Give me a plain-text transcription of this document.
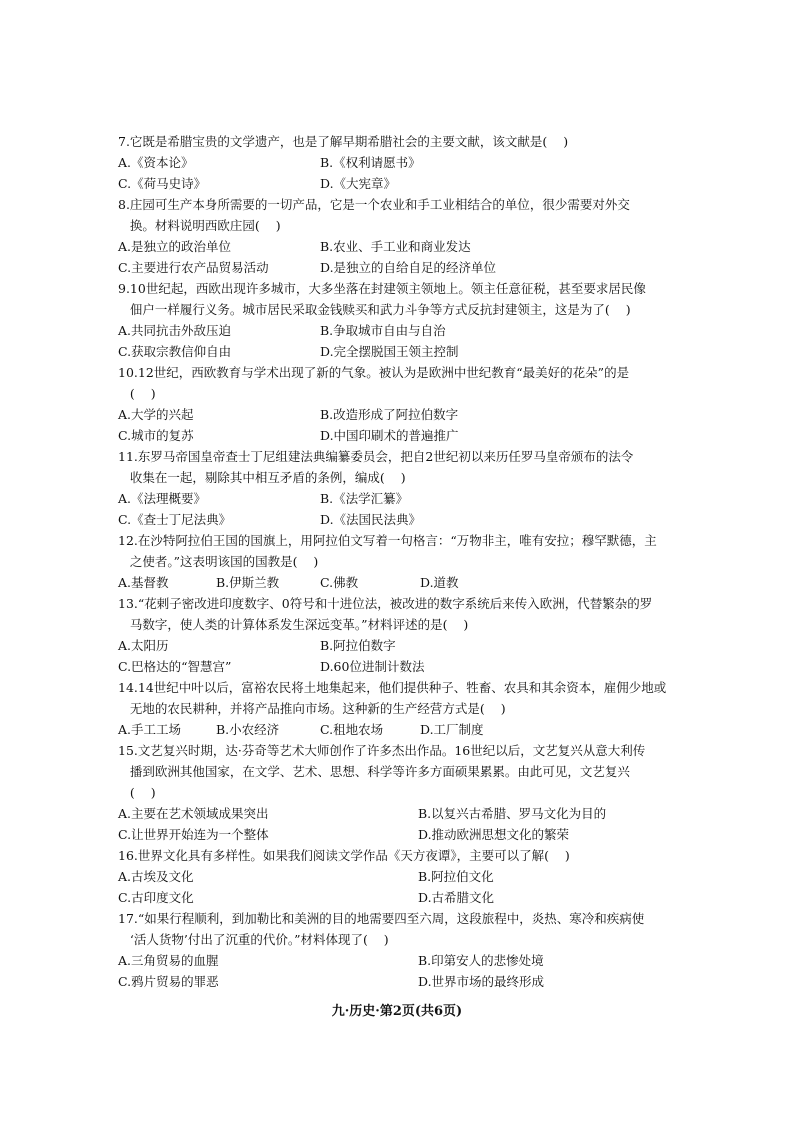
7.它既是希腊宝贵的文学遗产，也是了解早期希腊社会的主要文献，该文献是(    )
A.《资本论》	B.《权利请愿书》
C.《荷马史诗》	D.《大宪章》
8.庄园可生产本身所需要的一切产品，它是一个农业和手工业相结合的单位，很少需要对外交
换。材料说明西欧庄园(    )
A.是独立的政治单位	B.农业、手工业和商业发达
C.主要进行农产品贸易活动	D.是独立的自给自足的经济单位
9.10世纪起，西欧出现许多城市，大多坐落在封建领主领地上。领主任意征税，甚至要求居民像
佃户一样履行义务。城市居民采取金钱赎买和武力斗争等方式反抗封建领主，这是为了(    )
A.共同抗击外敌压迫	B.争取城市自由与自治
C.获取宗教信仰自由	D.完全摆脱国王领主控制
10.12世纪，西欧教育与学术出现了新的气象。被认为是欧洲中世纪教育“最美好的花朵”的是
(    )
A.大学的兴起	B.改造形成了阿拉伯数字
C.城市的复苏	D.中国印刷术的普遍推广
11.东罗马帝国皇帝查士丁尼组建法典编纂委员会，把自2世纪初以来历任罗马皇帝颁布的法令
收集在一起，剔除其中相互矛盾的条例，编成(    )
A.《法理概要》	B.《法学汇纂》
C.《查士丁尼法典》	D.《法国民法典》
12.在沙特阿拉伯王国的国旗上，用阿拉伯文写着一句格言：“万物非主，唯有安拉；穆罕默德，主
之使者。”这表明该国的国教是(    )
A.基督教	B.伊斯兰教	C.佛教	D.道教
13.“花剌子密改进印度数字、0符号和十进位法，被改进的数字系统后来传入欧洲，代替繁杂的罗
马数字，使人类的计算体系发生深远变革。”材料评述的是(    )
A.太阳历	B.阿拉伯数字
C.巴格达的“智慧宫”	D.60位进制计数法
14.14世纪中叶以后，富裕农民将土地集起来，他们提供种子、牲畜、农具和其余资本，雇佣少地或
无地的农民耕种，并将产品推向市场。这种新的生产经营方式是(    )
A.手工工场	B.小农经济	C.租地农场	D.工厂制度
15.文艺复兴时期，达·芬奇等艺术大师创作了许多杰出作品。16世纪以后，文艺复兴从意大利传
播到欧洲其他国家，在文学、艺术、思想、科学等许多方面硕果累累。由此可见，文艺复兴
(    )
A.主要在艺术领域成果突出	B.以复兴古希腊、罗马文化为目的
C.让世界开始连为一个整体	D.推动欧洲思想文化的繁荣
16.世界文化具有多样性。如果我们阅读文学作品《天方夜谭》，主要可以了解(    )
A.古埃及文化	B.阿拉伯文化
C.古印度文化	D.古希腊文化
17.“如果行程顺利，到加勒比和美洲的目的地需要四至六周，这段旅程中，炎热、寒冷和疾病使
‘活人货物’付出了沉重的代价。”材料体现了(    )
A.三角贸易的血腥	B.印第安人的悲惨处境
C.鸦片贸易的罪恶	D.世界市场的最终形成
九·历史·第2页(共6页)
